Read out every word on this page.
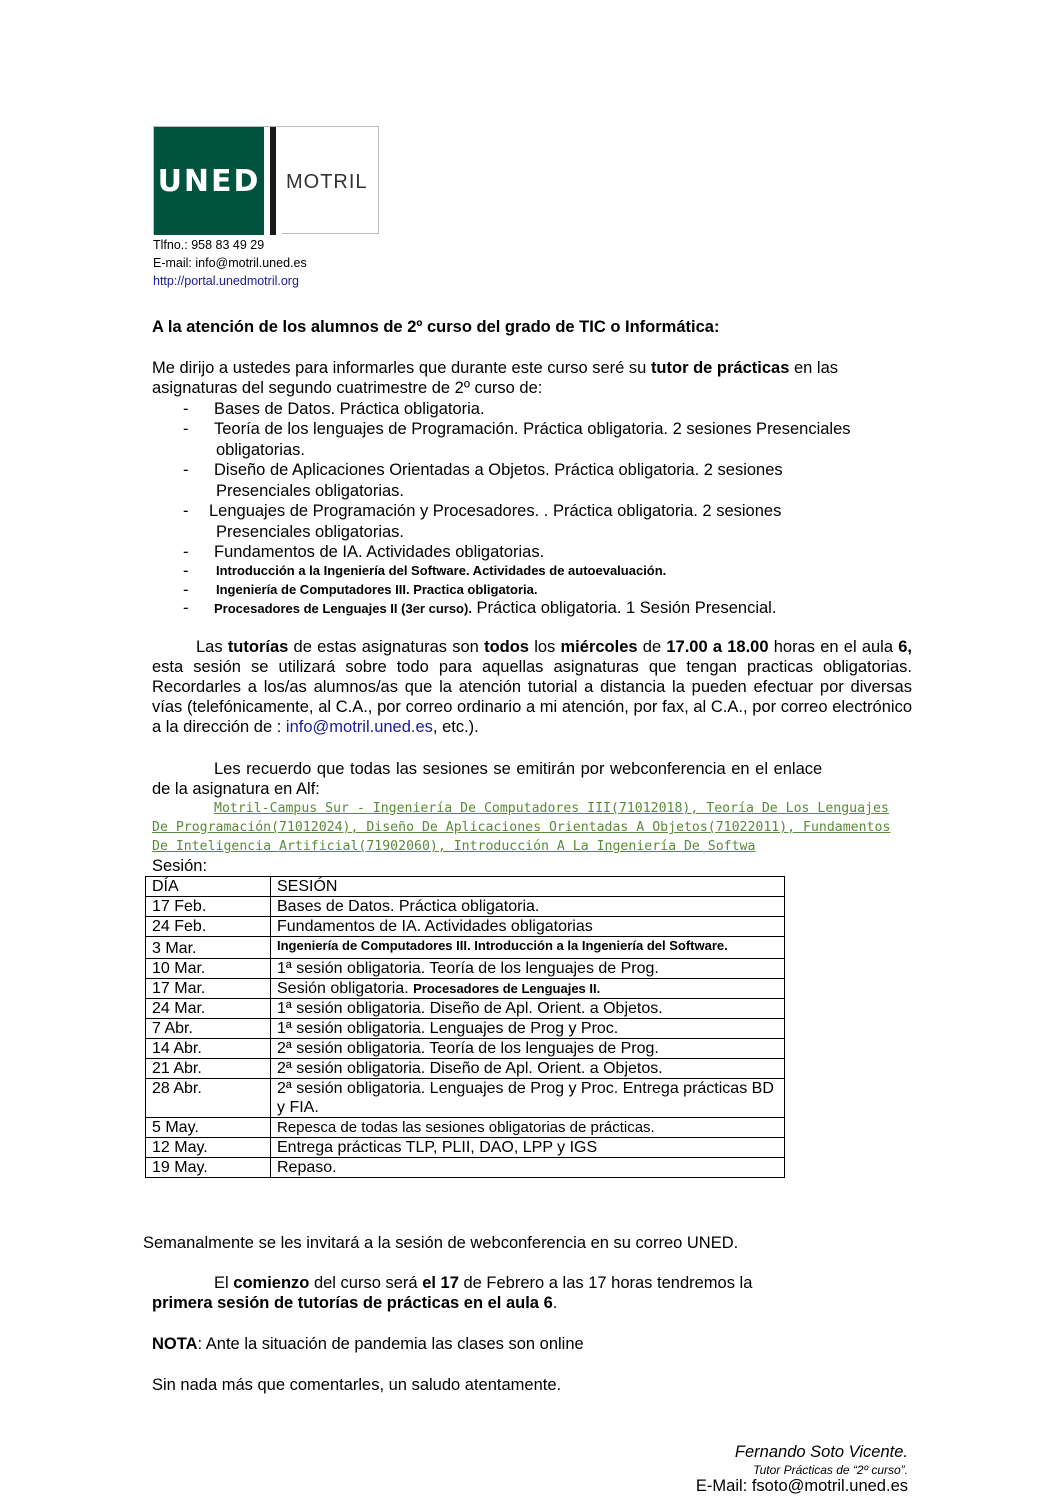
UNED MOTRIL
Tlfno.: 958 83 49 29
E-mail: info@motril.uned.es
http://portal.unedmotril.org
A la atención de los alumnos de 2º curso del grado de TIC o Informática:
Me dirijo a ustedes para informarles que durante este curso seré su tutor de prácticas en las
asignaturas del segundo cuatrimestre de 2º curso de:
- Bases de Datos. Práctica obligatoria.
- Teoría de los lenguajes de Programación. Práctica obligatoria. 2 sesiones Presenciales
obligatorias.
- Diseño de Aplicaciones Orientadas a Objetos. Práctica obligatoria. 2 sesiones
Presenciales obligatorias.
- Lenguajes de Programación y Procesadores. . Práctica obligatoria. 2 sesiones
Presenciales obligatorias.
- Fundamentos de IA. Actividades obligatorias.
- Introducción a la Ingeniería del Software. Actividades de autoevaluación.
- Ingeniería de Computadores III. Practica obligatoria.
- Procesadores de Lenguajes II (3er curso). Práctica obligatoria. 1 Sesión Presencial.
Las tutorías de estas asignaturas son todos los miércoles de 17.00 a 18.00 horas en el aula 6, esta sesión se utilizará sobre todo para aquellas asignaturas que tengan practicas obligatorias. Recordarles a los/as alumnos/as que la atención tutorial a distancia la pueden efectuar por diversas vías (telefónicamente, al C.A., por correo ordinario a mi atención, por fax, al C.A., por correo electrónico a la dirección de : info@motril.uned.es, etc.).
Les recuerdo que todas las sesiones se emitirán por webconferencia en el enlace
de la asignatura en Alf:
Motril-Campus Sur - Ingeniería De Computadores III(71012018), Teoría De Los Lenguajes De Programación(71012024), Diseño De Aplicaciones Orientadas A Objetos(71022011), Fundamentos De Inteligencia Artificial(71902060), Introducción A La Ingeniería De Softwa
Sesión:
DÍA	SESIÓN
17 Feb.	Bases de Datos. Práctica obligatoria.
24 Feb.	Fundamentos de IA. Actividades obligatorias
3 Mar.	Ingeniería de Computadores III. Introducción a la Ingeniería del Software.
10 Mar.	1ª sesión obligatoria. Teoría de los lenguajes de Prog.
17 Mar.	Sesión obligatoria. Procesadores de Lenguajes II.
24 Mar.	1ª sesión obligatoria. Diseño de Apl. Orient. a Objetos.
7 Abr.	1ª sesión obligatoria. Lenguajes de Prog y Proc.
14 Abr.	2ª sesión obligatoria. Teoría de los lenguajes de Prog.
21 Abr.	2ª sesión obligatoria. Diseño de Apl. Orient. a Objetos.
28 Abr.	2ª sesión obligatoria. Lenguajes de Prog y Proc. Entrega prácticas BD y FIA.
5 May.	Repesca de todas las sesiones obligatorias de prácticas.
12 May.	Entrega prácticas TLP, PLII, DAO, LPP y IGS
19 May.	Repaso.
Semanalmente se les invitará a la sesión de webconferencia en su correo UNED.
El comienzo del curso será el 17 de Febrero a las 17 horas tendremos la
primera sesión de tutorías de prácticas en el aula 6.
NOTA: Ante la situación de pandemia las clases son online
Sin nada más que comentarles, un saludo atentamente.
Fernando Soto Vicente.
Tutor Prácticas de “2º curso”.
E-Mail: fsoto@motril.uned.es
